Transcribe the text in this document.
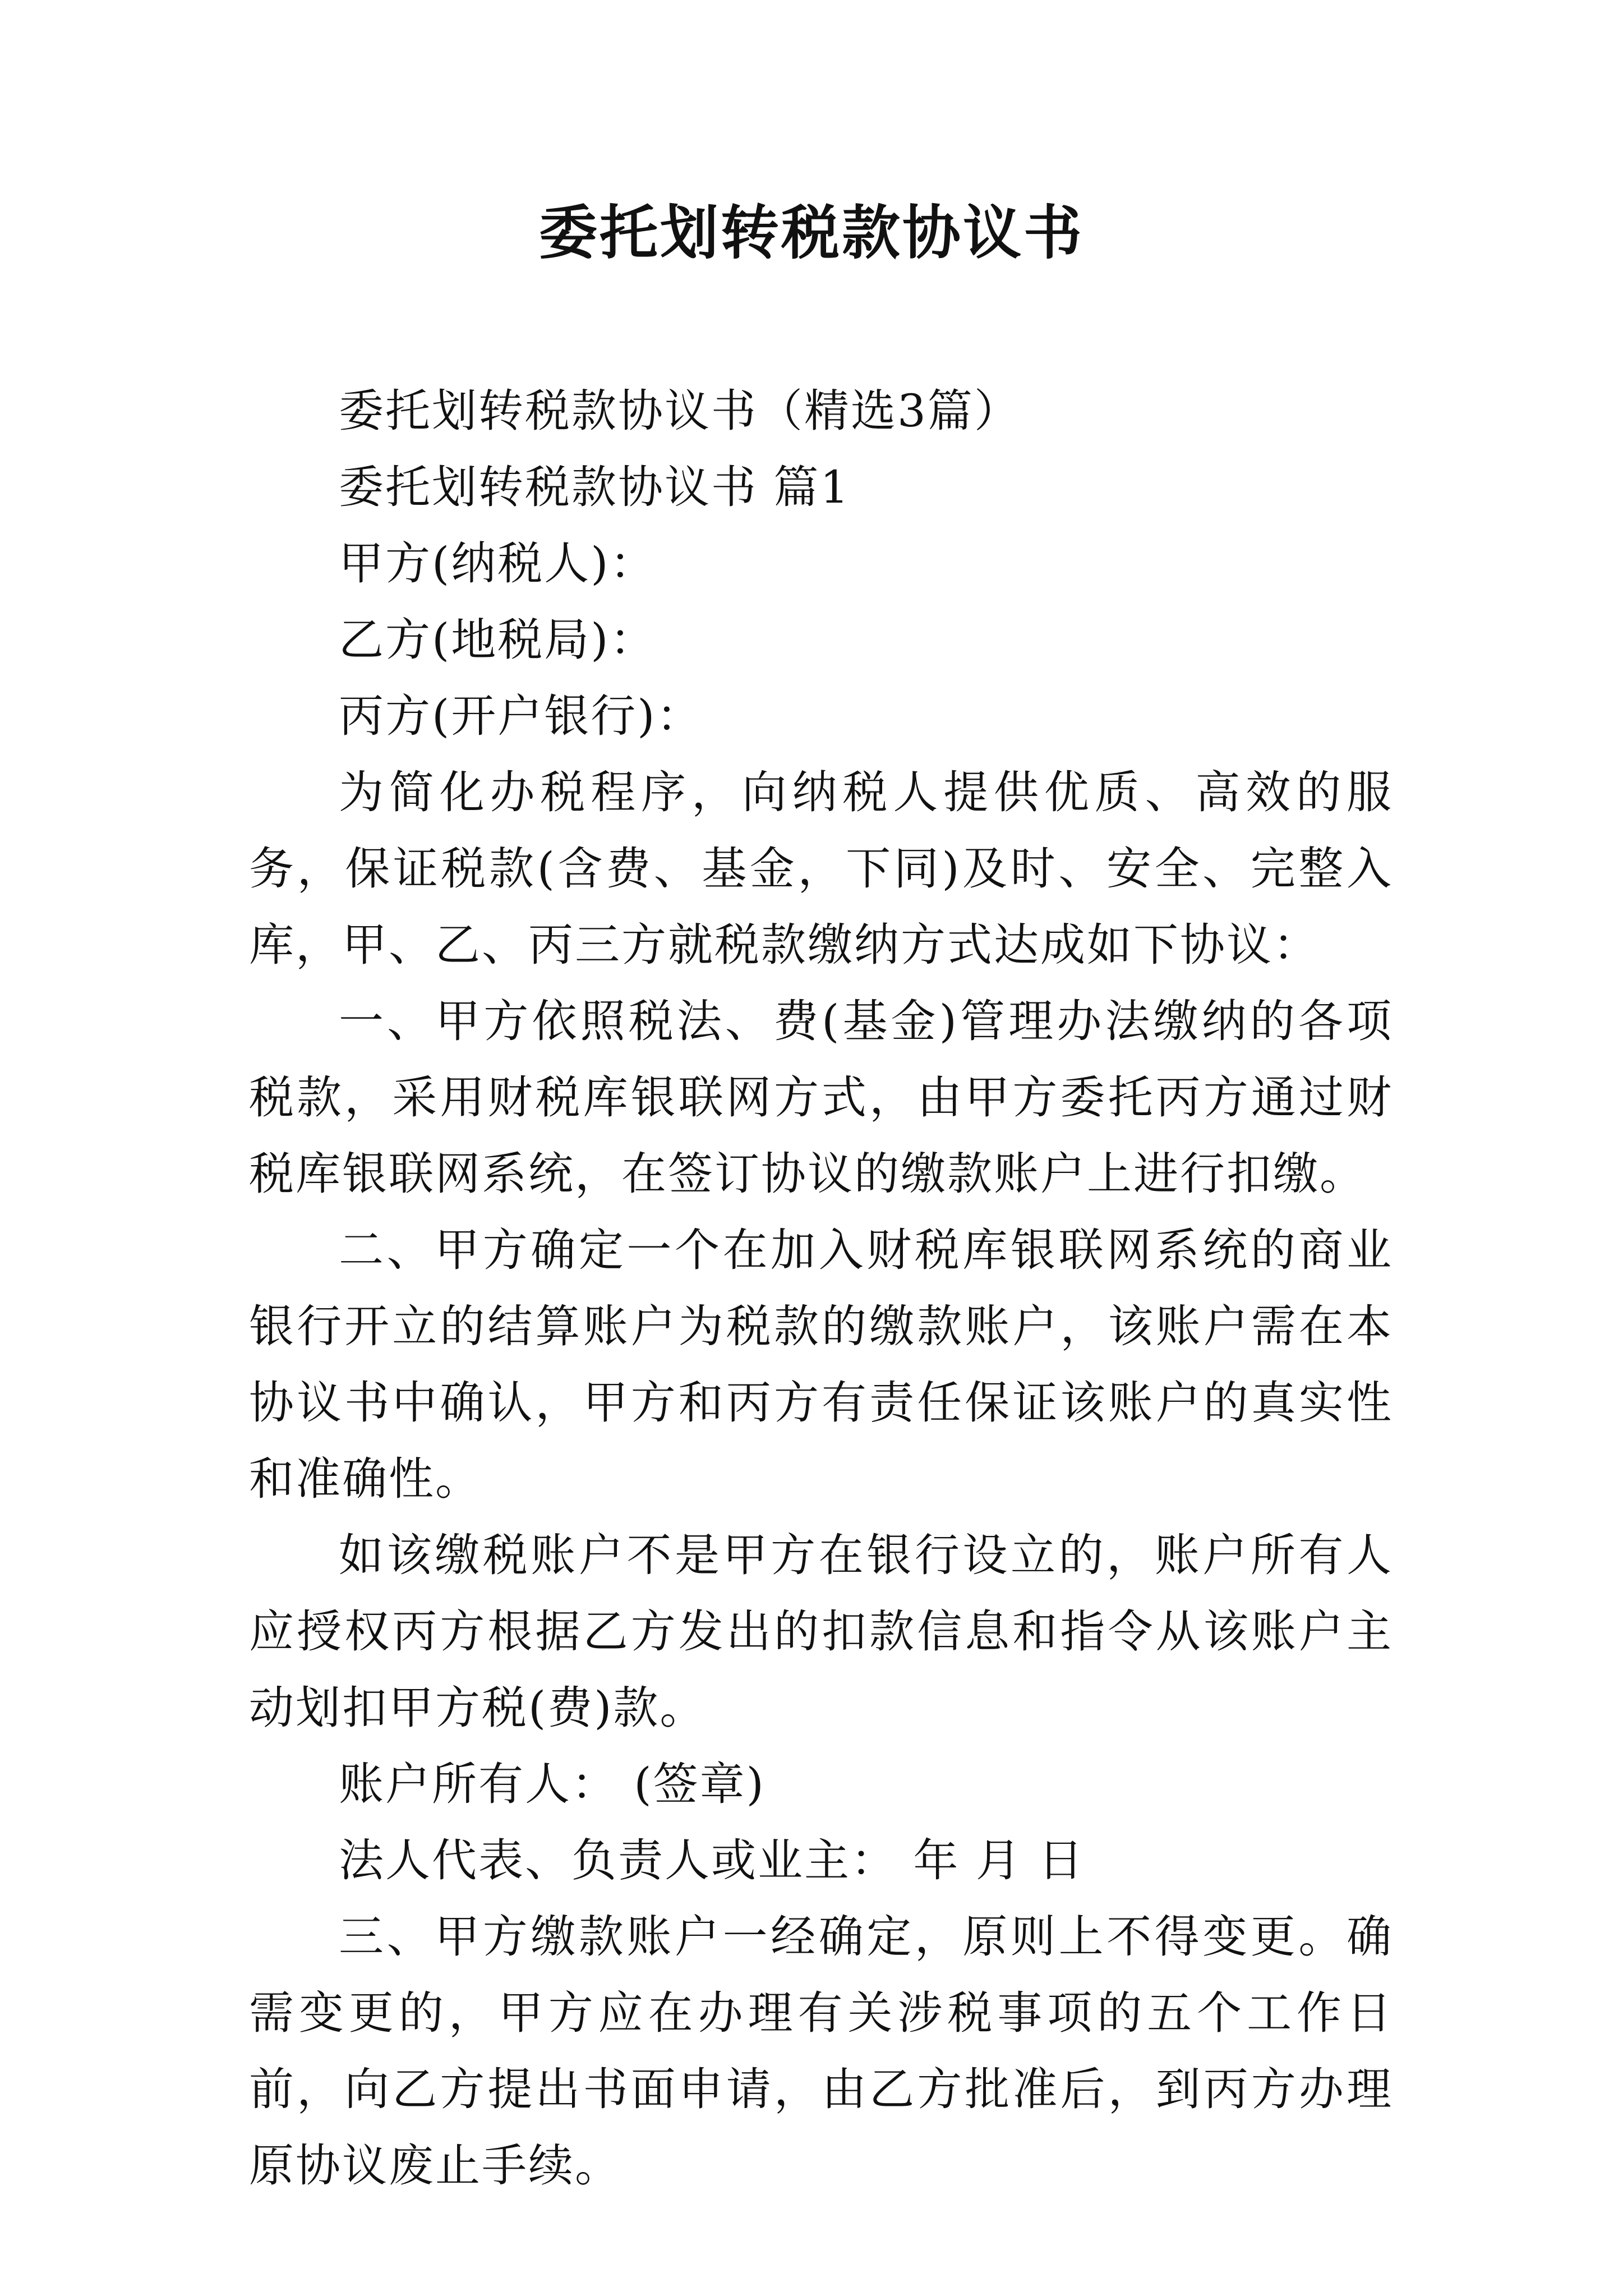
委托划转税款协议书
委托划转税款协议书（精选3篇）
委托划转税款协议书 篇1
甲方(纳税人)：
乙方(地税局)：
丙方(开户银行)：
为简化办税程序，向纳税人提供优质、高效的服务，保证税款(含费、基金，下同)及时、安全、完整入库，甲、乙、丙三方就税款缴纳方式达成如下协议：
一、甲方依照税法、费(基金)管理办法缴纳的各项税款，采用财税库银联网方式，由甲方委托丙方通过财税库银联网系统，在签订协议的缴款账户上进行扣缴。
二、甲方确定一个在加入财税库银联网系统的商业银行开立的结算账户为税款的缴款账户，该账户需在本协议书中确认，甲方和丙方有责任保证该账户的真实性和准确性。
如该缴税账户不是甲方在银行设立的，账户所有人应授权丙方根据乙方发出的扣款信息和指令从该账户主动划扣甲方税(费)款。
账户所有人： (签章)
法人代表、负责人或业主： 年 月 日
三、甲方缴款账户一经确定，原则上不得变更。确需变更的，甲方应在办理有关涉税事项的五个工作日前，向乙方提出书面申请，由乙方批准后，到丙方办理原协议废止手续。
